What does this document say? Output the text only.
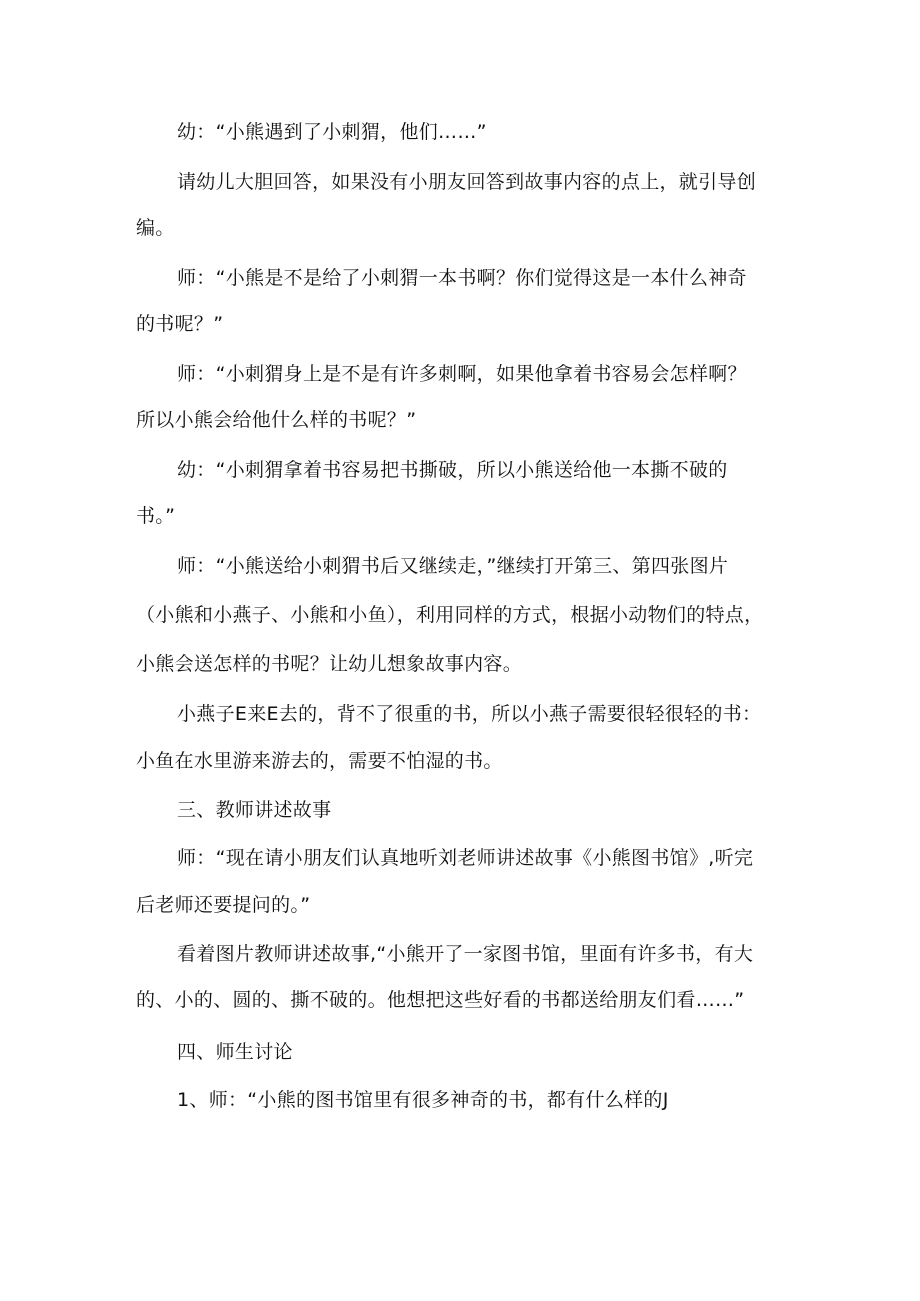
幼：“小熊遇到了小刺猬，他们……”
请幼儿大胆回答，如果没有小朋友回答到故事内容的点上，就引导创
编。
师：“小熊是不是给了小刺猬一本书啊？你们觉得这是一本什么神奇
的书呢？”
师：“小刺猬身上是不是有许多刺啊，如果他拿着书容易会怎样啊？
所以小熊会给他什么样的书呢？”
幼：“小刺猬拿着书容易把书撕破，所以小熊送给他一本撕不破的
书。”
师：“小熊送给小刺猬书后又继续走，”继续打开第三、第四张图片
（小熊和小燕子、小熊和小鱼），利用同样的方式，根据小动物们的特点，
小熊会送怎样的书呢？让幼儿想象故事内容。
小燕子E来E去的，背不了很重的书，所以小燕子需要很轻很轻的书：
小鱼在水里游来游去的，需要不怕湿的书。
三、教师讲述故事
师：“现在请小朋友们认真地听刘老师讲述故事《小熊图书馆》,听完
后老师还要提问的。”
看着图片教师讲述故事,“小熊开了一家图书馆，里面有许多书，有大
的、小的、圆的、撕不破的。他想把这些好看的书都送给朋友们看……”
四、师生讨论
1、师：“小熊的图书馆里有很多神奇的书，都有什么样的J
